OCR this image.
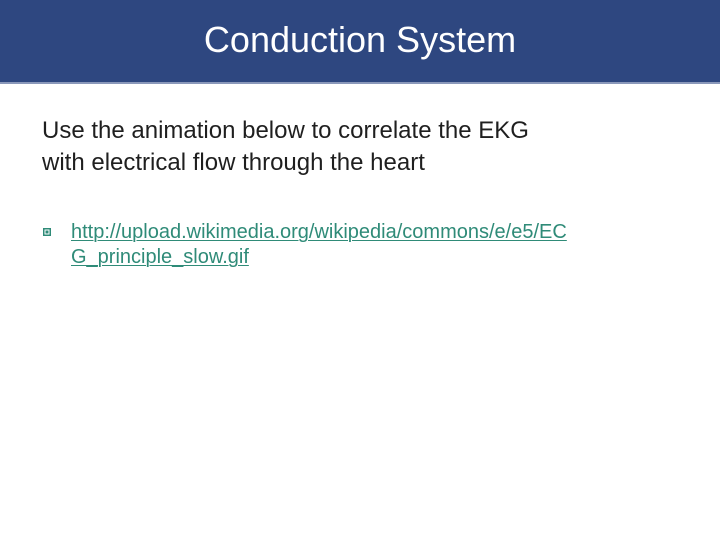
Conduction System
Use the animation below to correlate the EKG
with electrical flow through the heart
http://upload.wikimedia.org/wikipedia/commons/e/e5/EC
G_principle_slow.gif
